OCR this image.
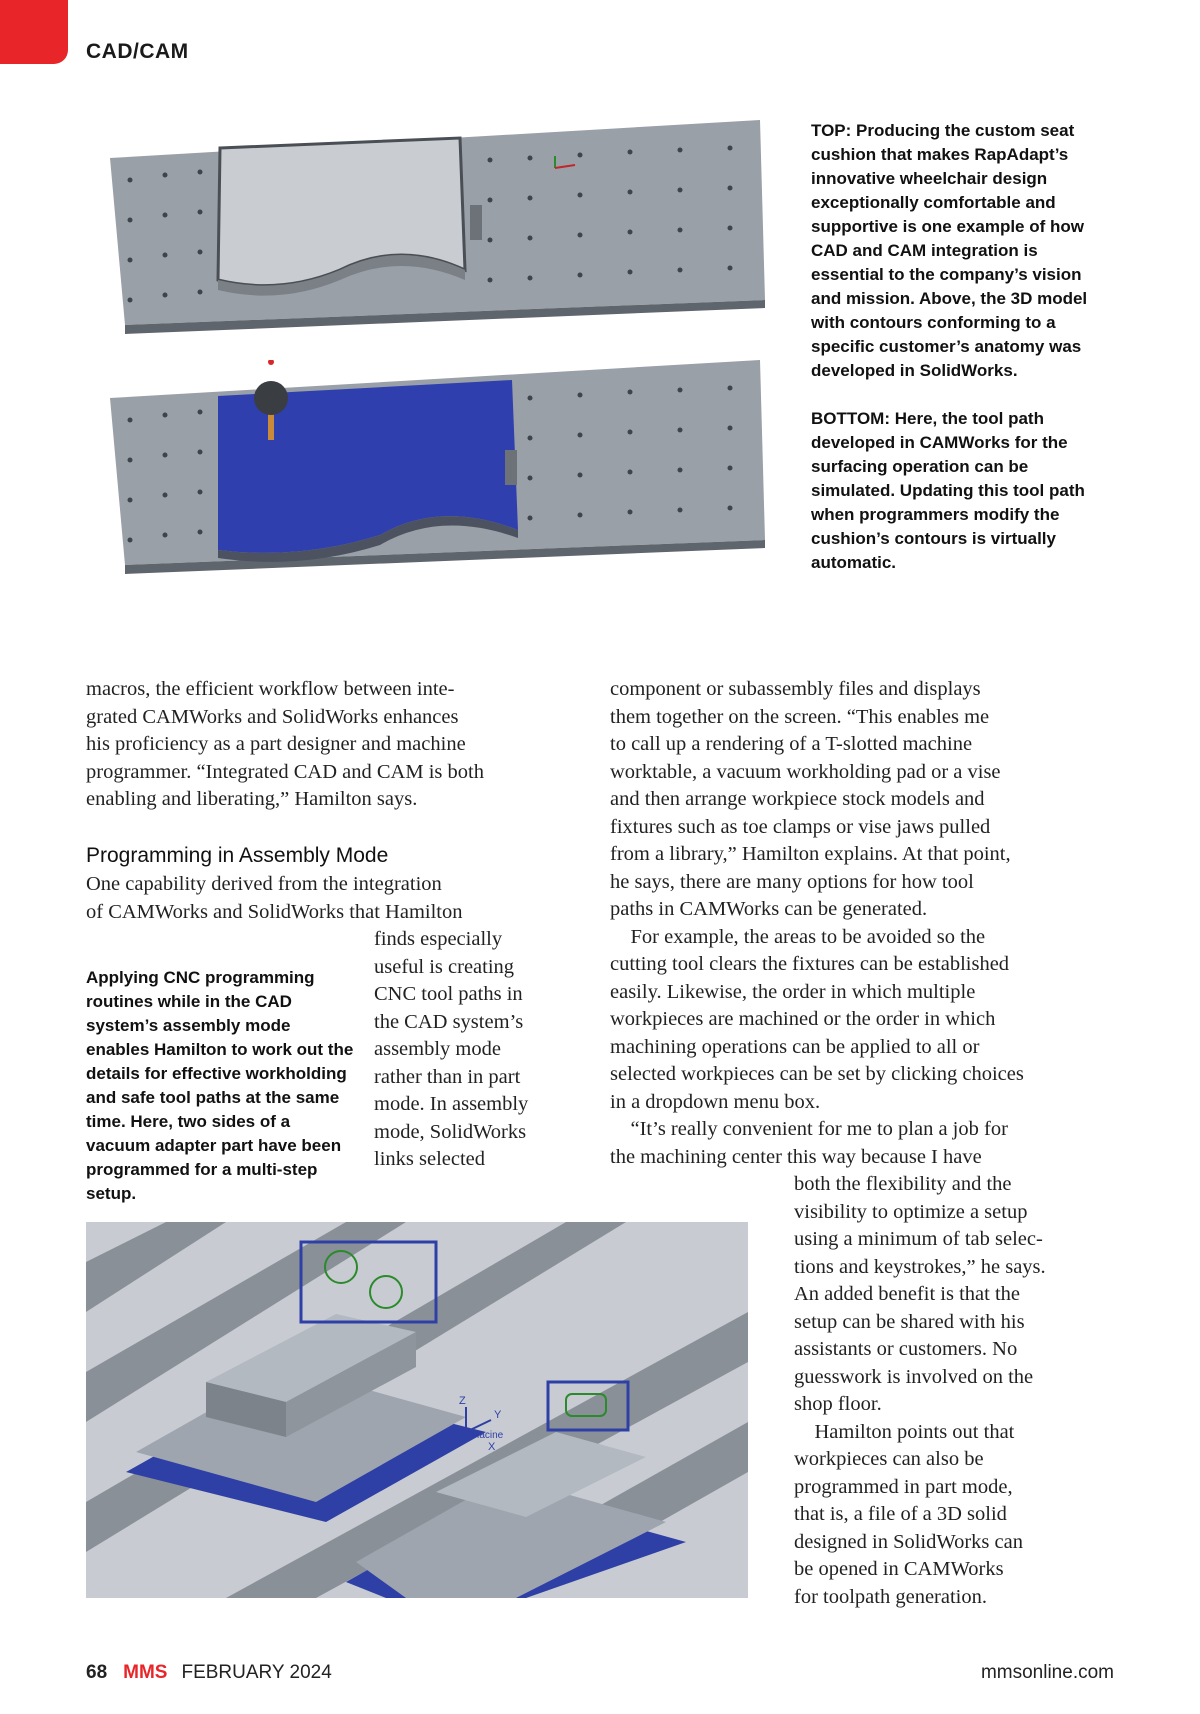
CAD/CAM

TOP: Producing the custom seat cushion that makes RapAdapt’s innovative wheelchair design exceptionally comfortable and supportive is one example of how CAD and CAM integration is essential to the company’s vision and mission. Above, the 3D model with contours conforming to a specific customer’s anatomy was developed in SolidWorks.

BOTTOM: Here, the tool path developed in CAMWorks for the surfacing operation can be simulated. Updating this tool path when programmers modify the cushion’s contours is virtually automatic.

macros, the efficient workflow between inte-

grated CAMWorks and SolidWorks enhances

his proficiency as a part designer and machine

programmer. “Integrated CAD and CAM is both

enabling and liberating,” Hamilton says.

Programming in Assembly Mode

One capability derived from the integration

of CAMWorks and SolidWorks that Hamilton

finds especially

useful is creating

CNC tool paths in

the CAD system’s

assembly mode

rather than in part

mode. In assembly

mode, SolidWorks

links selected

Applying CNC programming routines while in the CAD system’s assembly mode enables Hamilton to work out the details for effective workholding and safe tool paths at the same time. Here, two sides of a vacuum adapter part have been programmed for a multi-step setup.

component or subassembly files and displays

them together on the screen. “This enables me

to call up a rendering of a T-slotted machine

worktable, a vacuum workholding pad or a vise

and then arrange workpiece stock models and

fixtures such as toe clamps or vise jaws pulled

from a library,” Hamilton explains. At that point,

he says, there are many options for how tool

paths in CAMWorks can be generated.

For example, the areas to be avoided so the

cutting tool clears the fixtures can be established

easily. Likewise, the order in which multiple

workpieces are machined or the order in which

machining operations can be applied to all or

selected workpieces can be set by clicking choices

in a dropdown menu box.

“It’s really convenient for me to plan a job for

the machining center this way because I have

both the flexibility and the

visibility to optimize a setup

using a minimum of tab selec-

tions and keystrokes,” he says.

An added benefit is that the

setup can be shared with his

assistants or customers. No

guesswork is involved on the

shop floor.

Hamilton points out that

workpieces can also be

programmed in part mode,

that is, a file of a 3D solid

designed in SolidWorks can

be opened in CAMWorks

for toolpath generation.

Z
Y
X
Macine
68 MMS FEBRUARY 2024	mmsonline.com
